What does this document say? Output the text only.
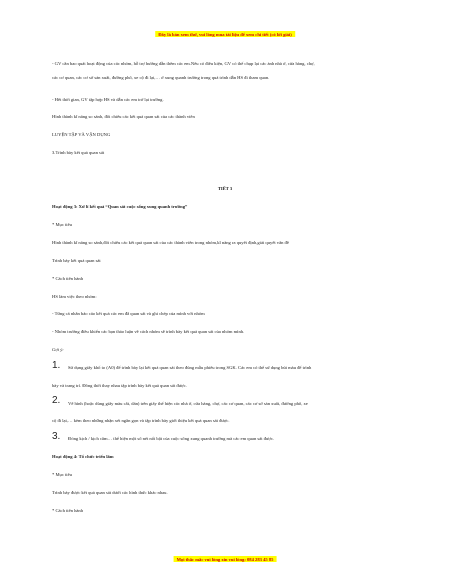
Đây là bản xem thử, vui lòng mua tài liệu để xem chi tiết (có lời giải)
- GV cần bao quát hoạt động của các nhóm, hỗ trợ hướng dẫn thêm các em.Nếu có điều kiện, GV có thể chụp lại các ảnh nhà ở, cửa hàng, chợ,
các cơ quan, các cơ sở sản xuất, đường phố, xe cộ đi lại,… ở xung quanh trường trong quá trình dẫn HS đi tham quan.
- Hết thời gian, GV tập hợp HS và dẫn các em trở lại trường.
Hình thành kĩ năng so sánh, đối chiếu các kết quả quan sát của các thành viên
LUYỆN TẬP VÀ VẬN DỤNG
3.Trình bày kết quả quan sát
TIẾT 3
Hoạt động 3: Xử lí kết quả “Quan sát cuộc sống xung quanh trường”
* Mục tiêu
Hình thành kĩ năng so sánh,đối chiếu các kết quả quan sát của các thành viên trong nhóm,kĩ năng ra quyết định,giải quyết vấn đề
Trình bày kết quả quan sát
* Cách tiến hành
HS làm việc theo nhóm:
- Từng cá nhân báo cáo kết quả các em đã quan sát và ghi chép của mình với nhóm
- Nhóm trưởng điều khiển các bạn thảo luận về cách nhóm sẽ trình bày kết quả quan sát của nhóm mình.
Gợi ý:
1. Sử dụng giấy khổ to (A0) để trình bày lại kết quả quan sát theo đúng mẫu phiếu trong SGK. Các em có thể sử dụng bút màu để trình
bày và trang trí. Đồng thời thay nhau tập trình bày kết quả quan sát được.
2. Vẽ hình (hoặc dùng giấy màu cắt, dán) trên giấy thể hiện các nhà ở, cửa hàng, chợ, các cơ quan, các cơ sở sản xuất, đường phố, xe
cộ đi lại,… kèm theo những nhận xét ngắn gọn và tập trình bày giới thiệu kết quả quan sát được.
3. Đóng kịch / kịch câm… thể hiện một số nét nổi bật của cuộc sống xung quanh trường mà các em quan sát được.
Hoạt động 4: Tổ chức triển lãm
* Mục tiêu
Trình bày được kết quả quan sát dưới các hình thức khác nhau.
* Cách tiến hành
Mọi thắc mắc vui lòng xin vui lòng: 084 283 45 85
